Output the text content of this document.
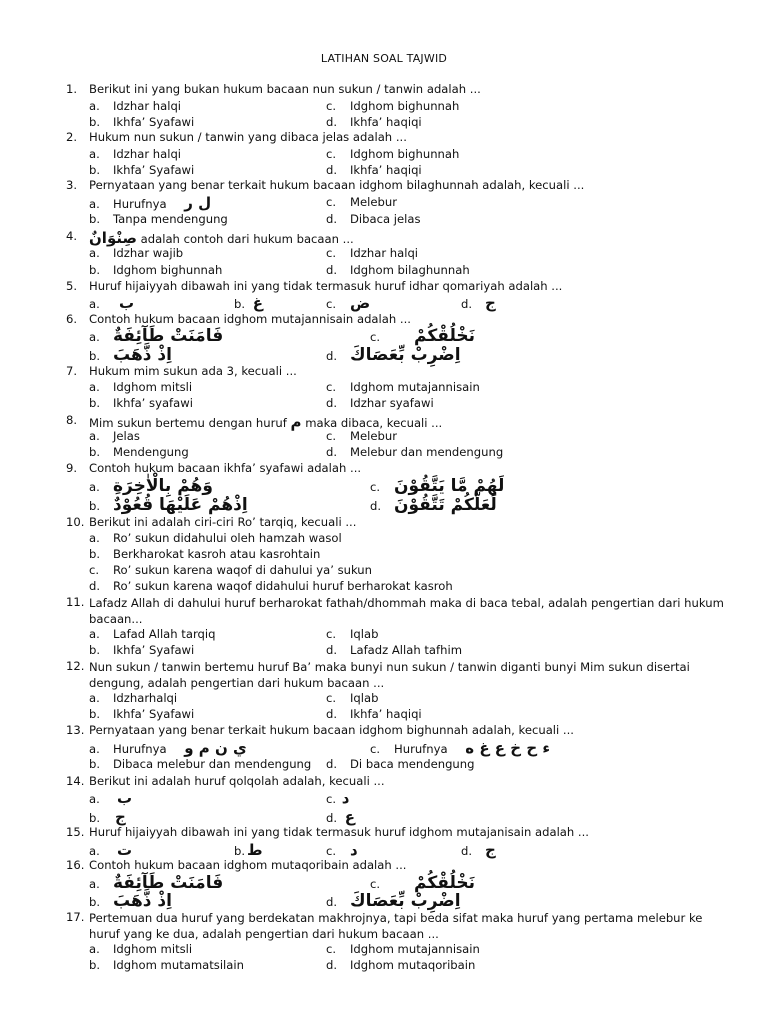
LATIHAN SOAL TAJWID
1. Berikut ini yang bukan hukum bacaan nun sukun / tanwin adalah ...
a. Idzhar halqi	c. Idghom bighunnah
b. Ikhfa’ Syafawi	d. Ikhfa’ haqiqi
2. Hukum nun sukun / tanwin yang dibaca jelas adalah ...
a. Idzhar halqi	c. Idghom bighunnah
b. Ikhfa’ Syafawi	d. Ikhfa’ haqiqi
3. Pernyataan yang benar terkait hukum bacaan idghom bilaghunnah adalah, kecuali ...
a. Hurufnya ل ر	c. Melebur
b. Tanpa mendengung	d. Dibaca jelas
4. صِنْوَانٌ adalah contoh dari hukum bacaan ...
a. Idzhar wajib	c. Idzhar halqi
b. Idghom bighunnah	d. Idghom bilaghunnah
5. Huruf hijaiyyah dibawah ini yang tidak termasuk huruf idhar qomariyah adalah ...
a. ب	b. غ	c. ض	d. ج
6. Contoh hukum bacaan idghom mutajannisain adalah ...
a. فَامَنَتْ طَآئِفَةٌ	c. نَخْلُقْكُمْ
b. اِذْ ذَّهَبَ	d. اِضْرِبْ بِّعَصَاكَ
7. Hukum mim sukun ada 3, kecuali ...
a. Idghom mitsli	c. Idghom mutajannisain
b. Ikhfa’ syafawi	d. Idzhar syafawi
8. Mim sukun bertemu dengan huruf م maka dibaca, kecuali ...
a. Jelas	c. Melebur
b. Mendengung	d. Melebur dan mendengung
9. Contoh hukum bacaan ikhfa’ syafawi adalah ...
a. وَهُمْ بِالْاٰخِرَةِ	c. لَهُمْ مَّا يَتَّقُوْنَ
b. اِذْهُمْ عَلَيْهَا قُعُوْدٌ	d. لَعَلَّكُمْ تَتَّقُوْنَ
10. Berikut ini adalah ciri-ciri Ro’ tarqiq, kecuali ...
a. Ro’ sukun didahului oleh hamzah wasol
b. Berkharokat kasroh atau kasrohtain
c. Ro’ sukun karena waqof di dahului ya’ sukun
d. Ro’ sukun karena waqof didahului huruf berharokat kasroh
11. Lafadz Allah di dahului huruf berharokat fathah/dhommah maka di baca tebal, adalah pengertian dari hukum bacaan...
a. Lafad Allah tarqiq	c. Iqlab
b. Ikhfa’ Syafawi	d. Lafadz Allah tafhim
12. Nun sukun / tanwin bertemu huruf Ba’ maka bunyi nun sukun / tanwin diganti bunyi Mim sukun disertai dengung, adalah pengertian dari hukum bacaan ...
a. Idzharhalqi	c. Iqlab
b. Ikhfa’ Syafawi	d. Ikhfa’ haqiqi
13. Pernyataan yang benar terkait hukum bacaan idghom bighunnah adalah, kecuali ...
a. Hurufnya ي ن م و	c. Hurufnya ء ح خ ع غ ه
b. Dibaca melebur dan mendengung d. Di baca mendengung
14. Berikut ini adalah huruf qolqolah adalah, kecuali ...
a. ب	c. د
b. ج	d. ع
15. Huruf hijaiyyah dibawah ini yang tidak termasuk huruf idghom mutajanisain adalah ...
a. ت	b. ط	c. د	d. ج
16. Contoh hukum bacaan idghom mutaqoribain adalah ...
a. فَامَنَتْ طَآئِفَةٌ	c. نَخْلُقْكُمْ
b. اِذْ ذَّهَبَ	d. اِضْرِبْ بِّعَصَاكَ
17. Pertemuan dua huruf yang berdekatan makhrojnya, tapi beda sifat maka huruf yang pertama melebur ke huruf yang ke dua, adalah pengertian dari hukum bacaan ...
a. Idghom mitsli	c. Idghom mutajannisain
b. Idghom mutamatsilain	d. Idghom mutaqoribain
